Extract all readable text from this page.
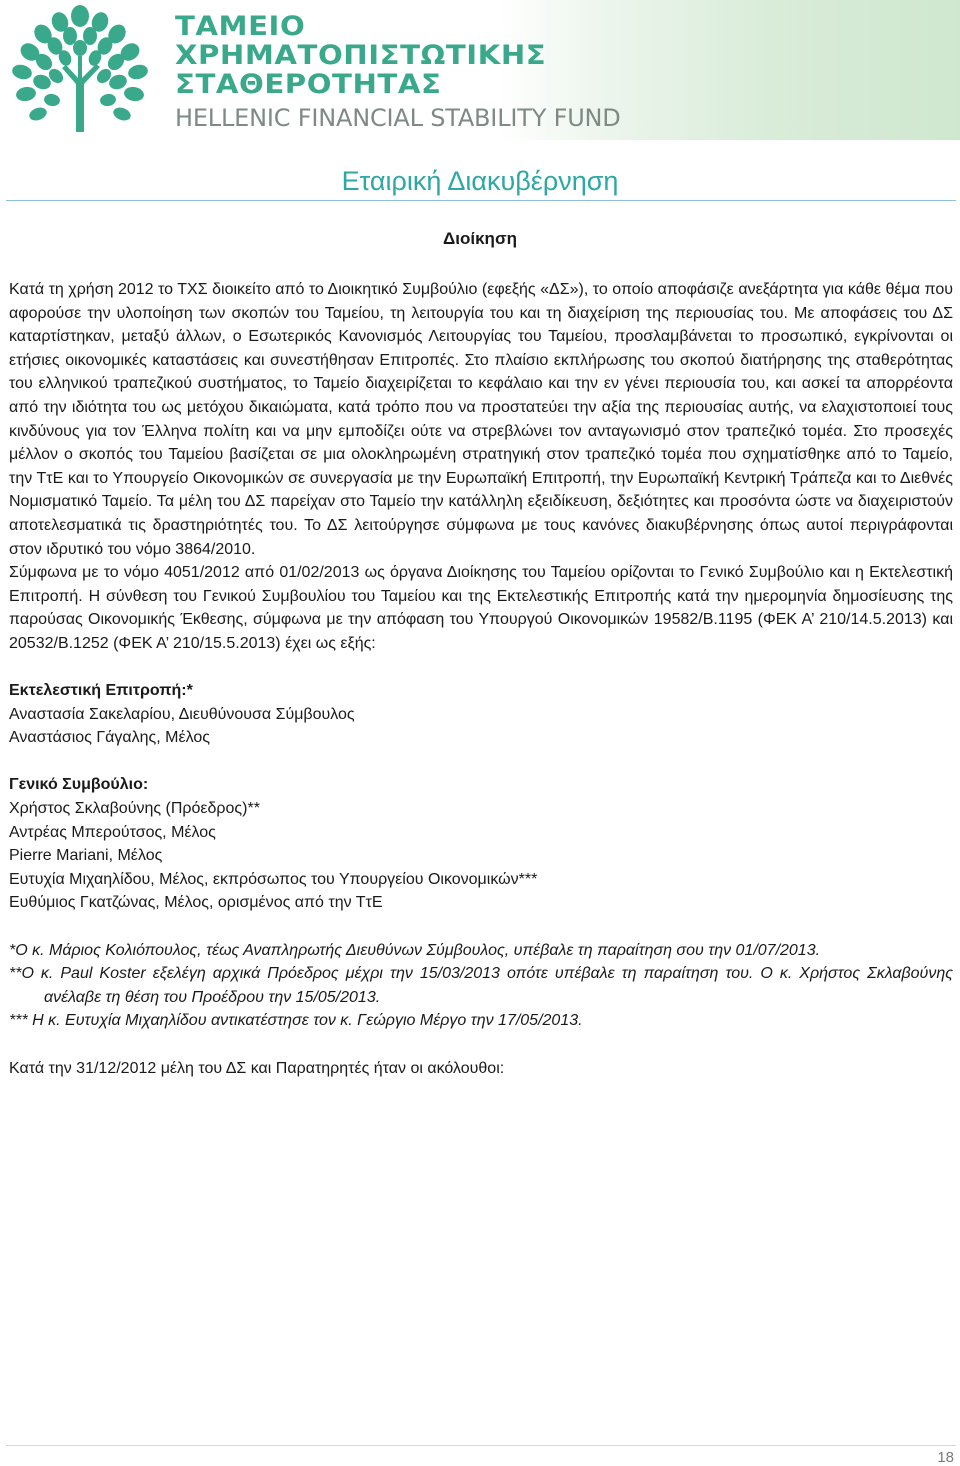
ΤΑΜΕΙΟ
ΧΡΗΜΑΤΟΠΙΣΤΩΤΙΚΗΣ
ΣΤΑΘΕΡΟΤΗΤΑΣ
HELLENIC FINANCIAL STABILITY FUND
Εταιρική Διακυβέρνηση
Διοίκηση

Κατά τη χρήση 2012 το ΤΧΣ διοικείτο από το Διοικητικό Συμβούλιο (εφεξής «ΔΣ»), το οποίο αποφάσιζε ανεξάρτητα για κάθε θέμα που αφορούσε την υλοποίηση των σκοπών του Ταμείου, τη λειτουργία του και τη διαχείριση της περιουσίας του. Με αποφάσεις του ΔΣ καταρτίστηκαν, μεταξύ άλλων, ο Εσωτερικός Κανονισμός Λειτουργίας του Ταμείου, προσλαμβάνεται το προσωπικό, εγκρίνονται οι ετήσιες οικονομικές καταστάσεις και συνεστήθησαν Επιτροπές. Στο πλαίσιο εκπλήρωσης του σκοπού διατήρησης της σταθερότητας του ελληνικού τραπεζικού συστήματος, το Ταμείο διαχειρίζεται το κεφάλαιο και την εν γένει περιουσία του, και ασκεί τα απορρέοντα από την ιδιότητα του ως μετόχου δικαιώματα, κατά τρόπο που να προστατεύει την αξία της περιουσίας αυτής, να ελαχιστοποιεί τους κινδύνους για τον Έλληνα πολίτη και να μην εμποδίζει ούτε να στρεβλώνει τον ανταγωνισμό στον τραπεζικό τομέα. Στο προσεχές μέλλον ο σκοπός του Ταμείου βασίζεται σε μια ολοκληρωμένη στρατηγική στον τραπεζικό τομέα που σχηματίσθηκε από το Ταμείο, την ΤτΕ και το Υπουργείο Οικονομικών σε συνεργασία με την Ευρωπαϊκή Επιτροπή, την Ευρωπαϊκή Κεντρική Τράπεζα και το Διεθνές Νομισματικό Ταμείο. Τα μέλη του ΔΣ παρείχαν στο Ταμείο την κατάλληλη εξειδίκευση, δεξιότητες και προσόντα ώστε να διαχειριστούν αποτελεσματικά τις δραστηριότητές του. Το ΔΣ λειτούργησε σύμφωνα με τους κανόνες διακυβέρνησης όπως αυτοί περιγράφονται στον ιδρυτικό του νόμο 3864/2010.

Σύμφωνα με το νόμο 4051/2012 από 01/02/2013 ως όργανα Διοίκησης του Ταμείου ορίζονται το Γενικό Συμβούλιο και η Εκτελεστική Επιτροπή. Η σύνθεση του Γενικού Συμβουλίου του Ταμείου και της Εκτελεστικής Επιτροπής κατά την ημερομηνία δημοσίευσης της παρούσας Οικονομικής Έκθεσης, σύμφωνα με την απόφαση του Υπουργού Οικονομικών 19582/Β.1195 (ΦΕΚ Α’ 210/14.5.2013) και 20532/Β.1252 (ΦΕΚ Α’ 210/15.5.2013) έχει ως εξής:

Εκτελεστική Επιτροπή:*

Αναστασία Σακελαρίου, Διευθύνουσα Σύμβουλος

Αναστάσιος Γάγαλης, Μέλος

Γενικό Συμβούλιο:

Χρήστος Σκλαβούνης (Πρόεδρος)**

Αντρέας Μπερούτσος, Μέλος

Pierre Mariani, Μέλος

Ευτυχία Μιχαηλίδου, Μέλος, εκπρόσωπος του Υπουργείου Οικονομικών***

Ευθύμιος Γκατζώνας, Μέλος, ορισμένος από την ΤτΕ

*Ο κ. Μάριος Κολιόπουλος, τέως Αναπληρωτής Διευθύνων Σύμβουλος, υπέβαλε τη παραίτηση σου την 01/07/2013.

**Ο κ. Paul Koster εξελέγη αρχικά Πρόεδρος μέχρι την 15/03/2013 οπότε υπέβαλε τη παραίτηση του. Ο κ. Χρήστος Σκλαβούνης ανέλαβε τη θέση του Προέδρου την 15/05/2013.

*** Η κ. Ευτυχία Μιχαηλίδου αντικατέστησε τον κ. Γεώργιο Μέργο την 17/05/2013.

Κατά την 31/12/2012 μέλη του ΔΣ και Παρατηρητές ήταν οι ακόλουθοι:

18
